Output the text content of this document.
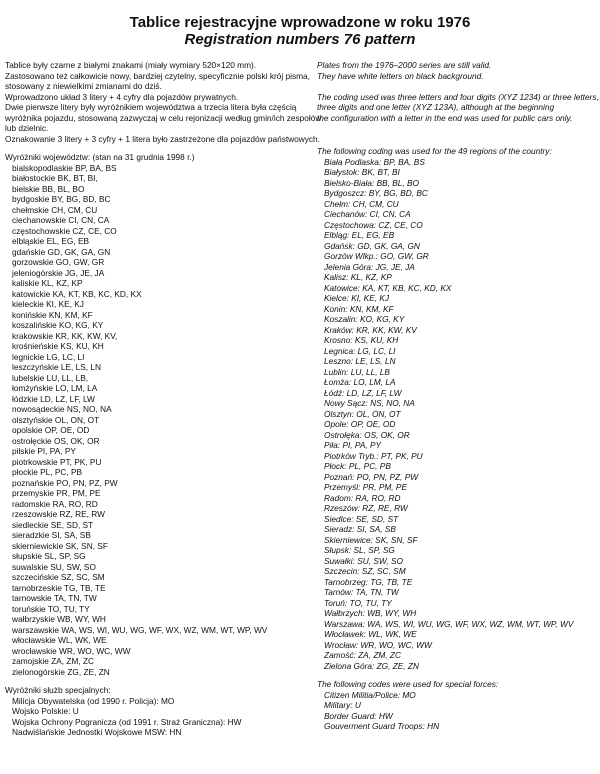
Tablice rejestracyjne wprowadzone w roku 1976
Registration numbers 76 pattern
Tablice były czarne z białymi znakami (miały wymiary 520×120 mm).
Zastosowano też całkowicie nowy, bardziej czytelny, specyficznie polski krój pisma,
stosowany z niewielkimi zmianami do dziś.
Wprowadzono układ 3 litery + 4 cyfry dla pojazdów prywatnych.
Dwie pierwsze litery były wyróżnikiem województwa a trzecia litera była częścią
wyróżnika pojazdu, stosowaną zazwyczaj w celu rejonizacji według gmin/ich zespołów
lub dzielnic.
Oznakowanie 3 litery + 3 cyfry + 1 litera było zastrzeżone dla pojazdów państwowych.
Wyróżniki województw: (stan na 31 grudnia 1998 r.)
bialskopodlaskie BP, BA, BS
białostockie BK, BT, BI,
bielskie BB, BL, BO
bydgoskie BY, BG, BD, BC
chełmskie CH, CM, CU
ciechanowskie CI, CN, CA
częstochowskie CZ, CE, CO
elbląskie EL, EG, EB
gdańskie GD, GK, GA, GN
gorzowskie GO, GW, GR
jeleniogórskie JG, JE, JA
kaliskie KL, KZ, KP
katowickie KA, KT, KB, KC, KD, KX
kieleckie KI, KE, KJ
konińskie KN, KM, KF
koszalińskie KO, KG, KY
krakowskie KR, KK, KW, KV,
krośnieńskie KS, KU, KH
legnickie LG, LC, LI
leszczyńskie LE, LS, LN
lubelskie LU, LL, LB,
łomżyńskie LO, LM, LA
łódzkie LD, LZ, LF, LW
nowosądeckie NS, NO, NA
olsztyńskie OL, ON, OT
opolskie OP, OE, OD
ostrołęckie OS, OK, OR
pilskie PI, PA, PY
piotrkowskie PT, PK, PU
płockie PL, PC, PB
poznańskie PO, PN, PZ, PW
przemyskie PR, PM, PE
radomskie RA, RO, RD
rzeszowskie RZ, RE, RW
siedleckie SE, SD, ST
sieradzkie SI, SA, SB
skierniewickie SK, SN, SF
słupskie SL, SP, SG
suwalskie SU, SW, SO
szczecińskie SZ, SC, SM
tarnobrzeskie TG, TB, TE
tarnowskie TA, TN, TW
toruńskie TO, TU, TY
wałbrzyskie WB, WY, WH
warszawskie WA, WS, WI, WU, WG, WF, WX, WZ, WM, WT, WP, WV
włocławskie WL, WK, WE
wrocławskie WR, WO, WC, WW
zamojskie ZA, ZM, ZC
zielonogórskie ZG, ZE, ZN
Wyróżniki służb specjalnych:
Milicja Obywatelska (od 1990 r. Policja): MO
Wojsko Polskie: U
Wojska Ochrony Pogranicza (od 1991 r. Straż Graniczna): HW
Nadwiślańskie Jednostki Wojskowe MSW: HN
Plates from the 1976–2000 series are still valid.
They have white letters on black background.
The coding used was three letters and four digits (XYZ 1234) or three letters,
three digits and one letter (XYZ 123A), although at the beginning
the configuration with a letter in the end was used for public cars only.
The following coding was used for the 49 regions of the country:
Biała Podlaska: BP, BA, BS
Białystok: BK, BT, BI
Bielsko-Biała: BB, BL, BO
Bydgoszcz: BY, BG, BD, BC
Chełm: CH, CM, CU
Ciechanów: CI, CN, CA
Częstochowa: CZ, CE, CO
Elbląg: EL, EG, EB
Gdańsk: GD, GK, GA, GN
Gorzów Wlkp.: GO, GW, GR
Jelenia Góra: JG, JE, JA
Kalisz: KL, KZ, KP
Katowice: KA, KT, KB, KC, KD, KX
Kielce: KI, KE, KJ
Konin: KN, KM, KF
Koszalin: KO, KG, KY
Kraków: KR, KK, KW, KV
Krosno: KS, KU, KH
Legnica: LG, LC, LI
Leszno: LE, LS, LN
Lublin: LU, LL, LB
Łomża: LO, LM, LA
Łódź: LD, LZ, LF, LW
Nowy Sącz: NS, NO, NA
Olsztyn: OL, ON, OT
Opole: OP, OE, OD
Ostrołęka: OS, OK, OR
Piła: PI, PA, PY
Piotrków Tryb.: PT, PK, PU
Płock: PL, PC, PB
Poznań: PO, PN, PZ, PW
Przemyśl: PR, PM, PE
Radom: RA, RO, RD
Rzeszów: RZ, RE, RW
Siedlce: SE, SD, ST
Sieradz: SI, SA, SB
Skierniewice: SK, SN, SF
Słupsk: SL, SP, SG
Suwałki: SU, SW, SO
Szczecin: SZ, SC, SM
Tarnobrzeg: TG, TB, TE
Tarnów: TA, TN, TW
Toruń: TO, TU, TY
Wałbrzych: WB, WY, WH
Warszawa: WA, WS, WI, WU, WG, WF, WX, WZ, WM, WT, WP, WV
Włocławek: WL, WK, WE
Wrocław: WR, WO, WC, WW
Zamość: ZA, ZM, ZC
Zielona Góra: ZG, ZE, ZN
The following codes were used for special forces:
Citizen Militia/Police: MO
Military: U
Border Guard: HW
Gouverment Guard Troops: HN
